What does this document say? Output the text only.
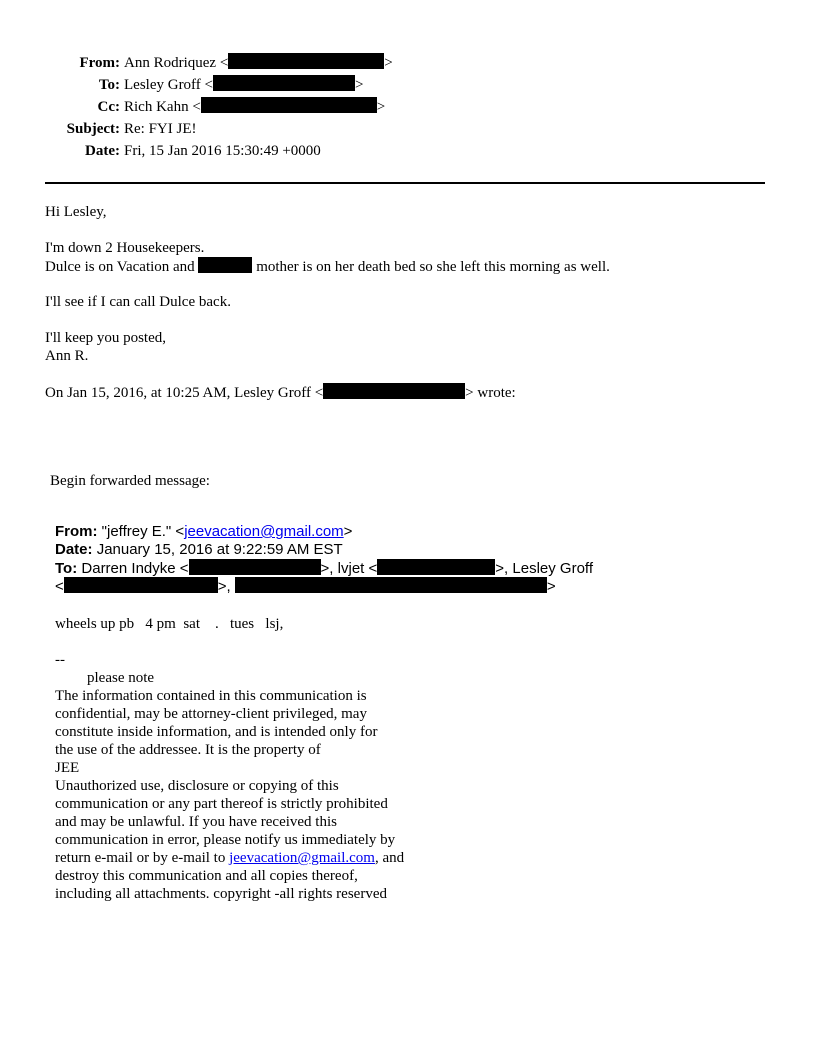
From: Ann Rodriquez <	>
To: Lesley Groff <	>
Cc: Rich Kahn <	>
Subject: Re: FYI JE!
Date: Fri, 15 Jan 2016 15:30:49 +0000
Hi Lesley,
I'm down 2 Housekeepers.
Dulce is on Vacation and	mother is on her death bed so she left this morning as well.
I'll see if I can call Dulce back.
I'll keep you posted,
Ann R.
On Jan 15, 2016, at 10:25 AM, Lesley Groff <	> wrote:
Begin forwarded message:
From: "jeffrey E." <jeevacation@gmail.com>
Date: January 15, 2016 at 9:22:59 AM EST
To: Darren Indyke <	>, lvjet <	>, Lesley Groff
<	>,	>
wheels up pb   4 pm  sat    .   tues   lsj,
--
please note
The information contained in this communication is
confidential, may be attorney-client privileged, may
constitute inside information, and is intended only for
the use of the addressee. It is the property of
JEE
Unauthorized use, disclosure or copying of this
communication or any part thereof is strictly prohibited
and may be unlawful. If you have received this
communication in error, please notify us immediately by
return e-mail or by e-mail to jeevacation@gmail.com, and
destroy this communication and all copies thereof,
including all attachments. copyright -all rights reserved
